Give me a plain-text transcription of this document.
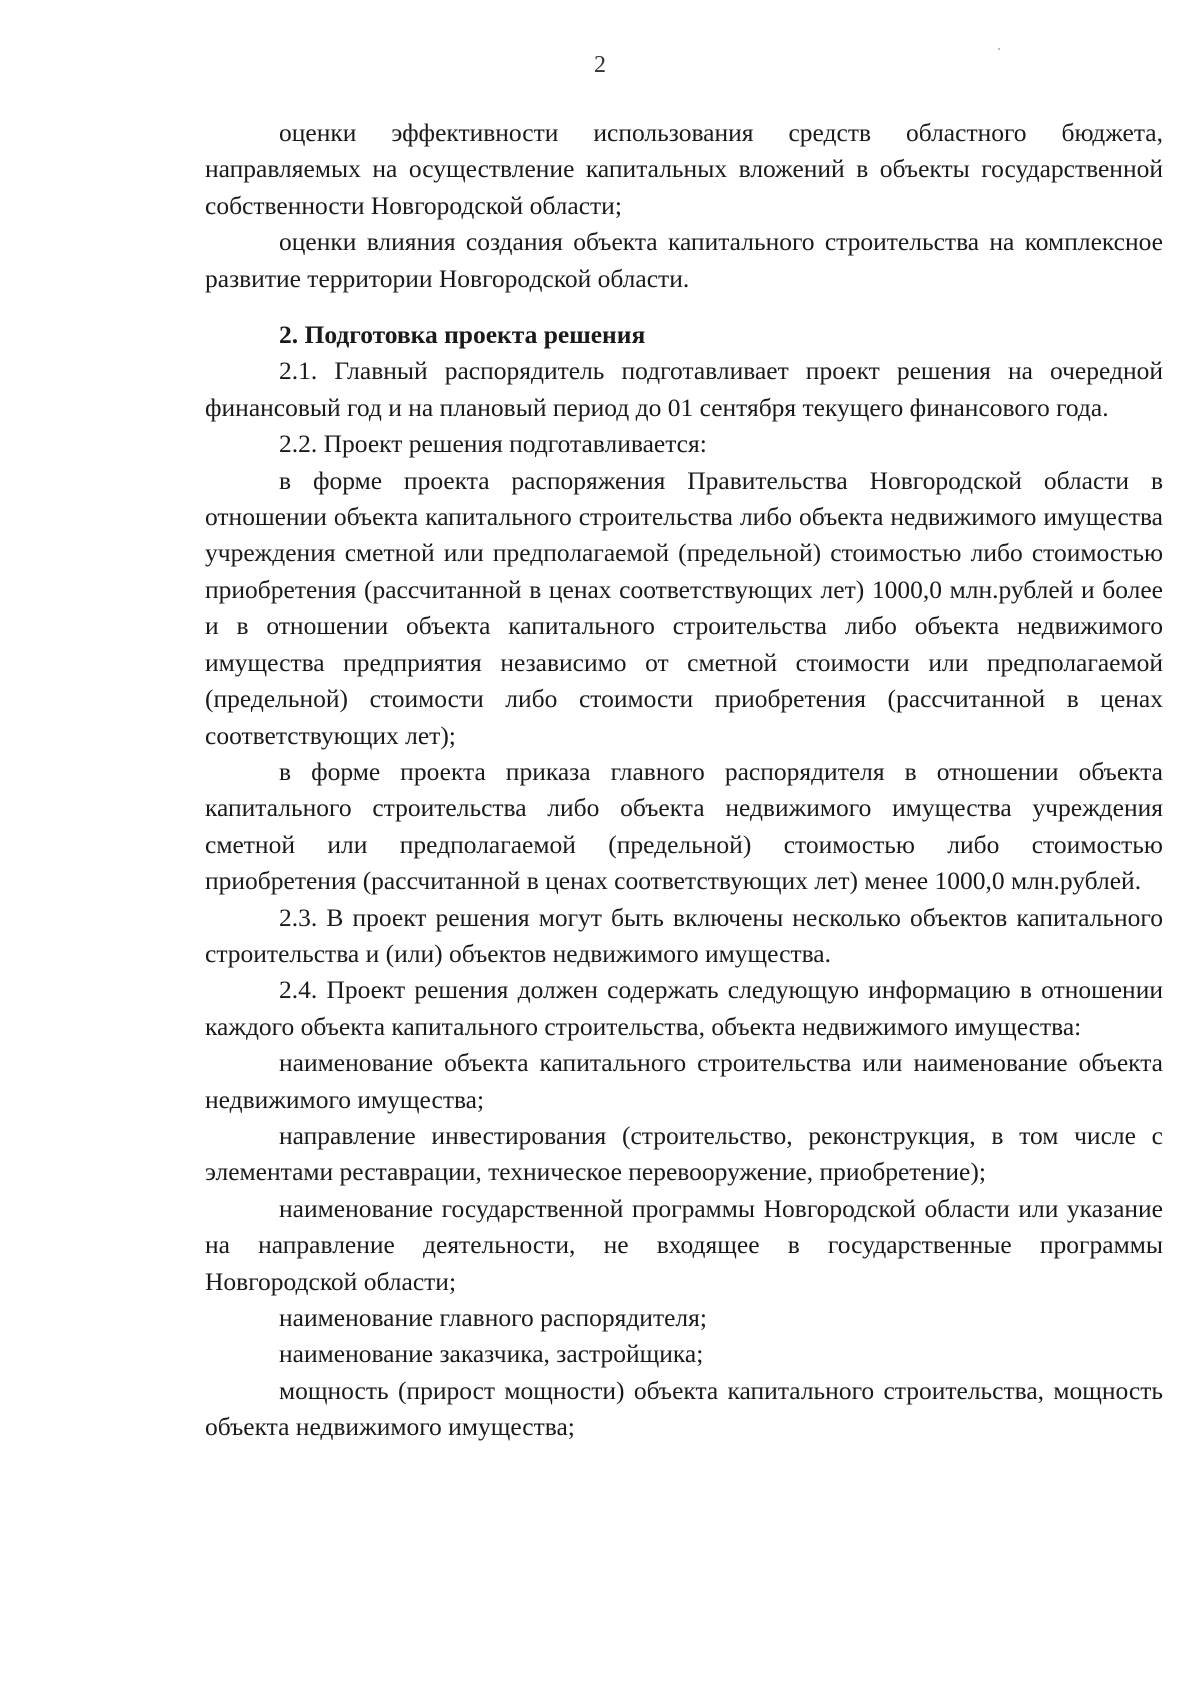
2

оценки эффективности использования средств областного бюджета, направляемых на осуществление капитальных вложений в объекты государственной собственности Новгородской области;

оценки влияния создания объекта капитального строительства на комплексное развитие территории Новгородской области.

2. Подготовка проекта решения

2.1. Главный распорядитель подготавливает проект решения на очередной финансовый год и на плановый период до 01 сентября текущего финансового года.

2.2. Проект решения подготавливается:

в форме проекта распоряжения Правительства Новгородской области в отношении объекта капитального строительства либо объекта недвижимого имущества учреждения сметной или предполагаемой (предельной) стоимостью либо стоимостью приобретения (рассчитанной в ценах соответствующих лет) 1000,0 млн.рублей и более и в отношении объекта капитального строительства либо объекта недвижимого имущества предприятия независимо от сметной стоимости или предполагаемой (предельной) стоимости либо стоимости приобретения (рассчитанной в ценах соответствующих лет);

в форме проекта приказа главного распорядителя в отношении объекта капитального строительства либо объекта недвижимого имущества учреждения сметной или предполагаемой (предельной) стоимостью либо стоимостью приобретения (рассчитанной в ценах соответствующих лет) менее 1000,0 млн.рублей.

2.3. В проект решения могут быть включены несколько объектов капитального строительства и (или) объектов недвижимого имущества.

2.4. Проект решения должен содержать следующую информацию в отношении каждого объекта капитального строительства, объекта недвижимого имущества:

наименование объекта капитального строительства или наименование объекта недвижимого имущества;

направление инвестирования (строительство, реконструкция, в том числе с элементами реставрации, техническое перевооружение, приобретение);

наименование государственной программы Новгородской области или указание на направление деятельности, не входящее в государственные программы Новгородской области;

наименование главного распорядителя;

наименование заказчика, застройщика;

мощность (прирост мощности) объекта капитального строительства, мощность объекта недвижимого имущества;
